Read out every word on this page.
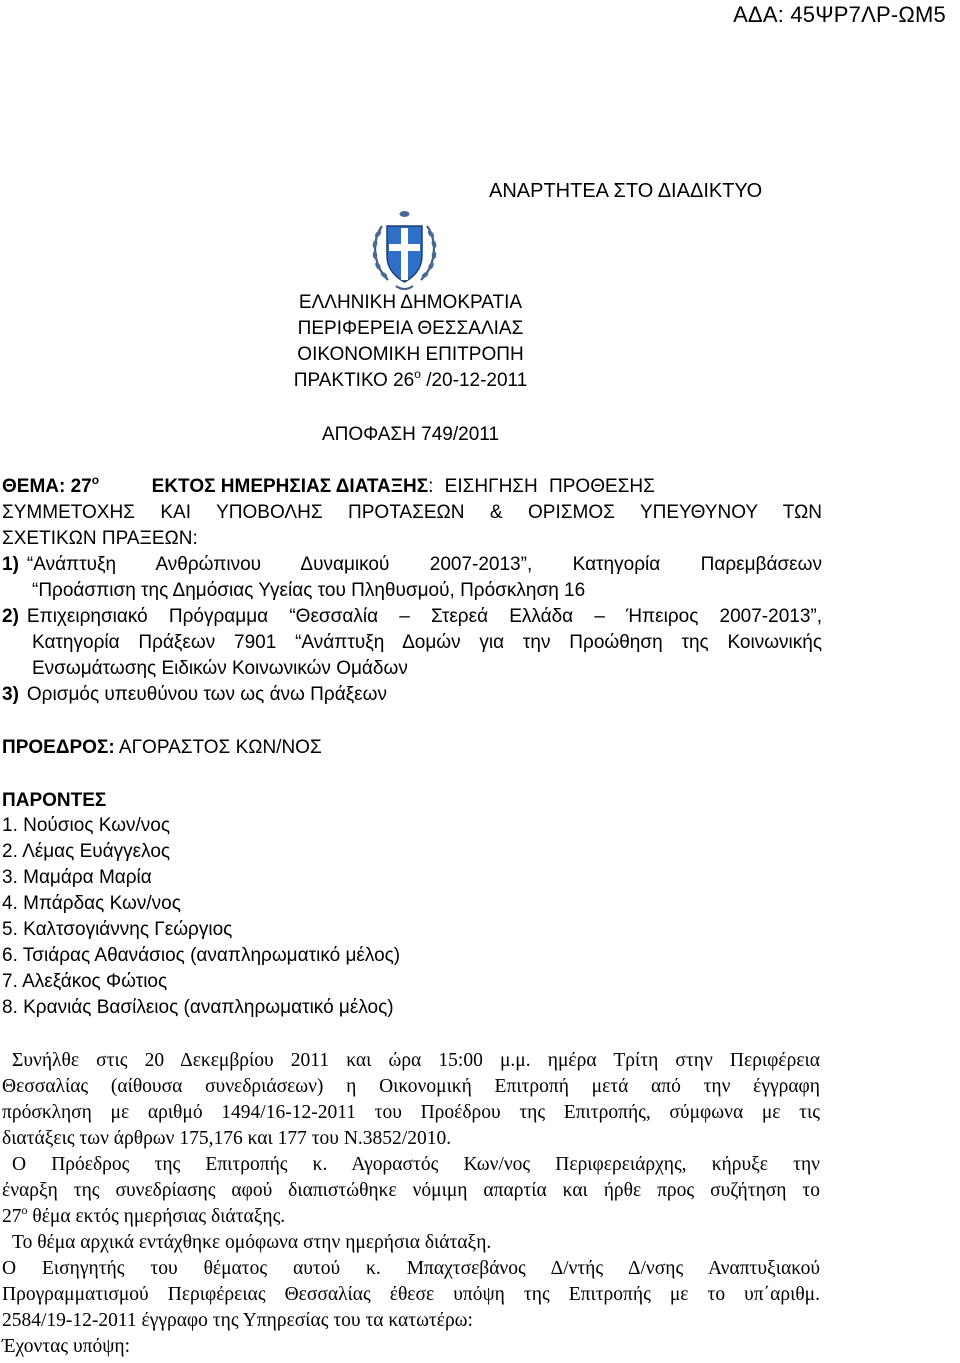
ΑΔΑ: 45ΨΡ7ΛΡ-ΩΜ5
ΑΝΑΡΤΗΤΕΑ ΣΤΟ ΔΙΑΔΙΚΤΥΟ
ΕΛΛΗΝΙΚΗ ΔΗΜΟΚΡΑΤΙΑ
ΠΕΡΙΦΕΡΕΙΑ ΘΕΣΣΑΛΙΑΣ
ΟΙΚΟΝΟΜΙΚΗ ΕΠΙΤΡΟΠΗ
ΠΡΑΚΤΙΚΟ $26^o$ /20-12-2011
ΑΠΟΦΑΣΗ 749/2011
ΘΕΜΑ: $27^o$	ΕΚΤΟΣ ΗΜΕΡΗΣΙΑΣ ΔΙΑΤΑΞΗΣ: ΕΙΣΗΓΗΣΗ ΠΡΟΘΕΣΗΣ
ΣΥΜΜΕΤΟΧΗΣ ΚΑΙ ΥΠΟΒΟΛΗΣ ΠΡΟΤΑΣΕΩΝ & ΟΡΙΣΜΟΣ ΥΠΕΥΘΥΝΟΥ ΤΩΝ
ΣΧΕΤΙΚΩΝ ΠΡΑΞΕΩΝ:
1) “Ανάπτυξη Ανθρώπινου Δυναμικού 2007-2013”, Κατηγορία Παρεμβάσεων
“Προάσπιση της Δημόσιας Υγείας του Πληθυσμού, Πρόσκληση 16
2) Επιχειρησιακό Πρόγραμμα “Θεσσαλία – Στερεά Ελλάδα – Ήπειρος 2007-2013”,
Κατηγορία Πράξεων 7901 “Ανάπτυξη Δομών για την Προώθηση της Κοινωνικής
Ενσωμάτωσης Ειδικών Κοινωνικών Ομάδων
3) Ορισμός υπευθύνου των ως άνω Πράξεων
ΠΡΟΕΔΡΟΣ: ΑΓΟΡΑΣΤΟΣ ΚΩΝ/ΝΟΣ
ΠΑΡΟΝΤΕΣ
1. Νούσιος Κων/νος
2. Λέμας Ευάγγελος
3. Μαμάρα Μαρία
4. Μπάρδας Κων/νος
5. Καλτσογιάννης Γεώργιος
6. Τσιάρας Αθανάσιος (αναπληρωματικό μέλος)
7. Αλεξάκος Φώτιος
8. Κρανιάς Βασίλειος (αναπληρωματικό μέλος)
Συνήλθε στις 20 Δεκεμβρίου 2011 και ώρα 15:00 μ.μ. ημέρα Τρίτη στην Περιφέρεια
Θεσσαλίας (αίθουσα συνεδριάσεων) η Οικονομική Επιτροπή μετά από την έγγραφη
πρόσκληση με αριθμό 1494/16-12-2011 του Προέδρου της Επιτροπής, σύμφωνα με τις
διατάξεις των άρθρων 175,176 και 177 του Ν.3852/2010.
Ο Πρόεδρος της Επιτροπής κ. Αγοραστός Κων/νος Περιφερειάρχης, κήρυξε την
έναρξη της συνεδρίασης αφού διαπιστώθηκε νόμιμη απαρτία και ήρθε προς συζήτηση το
$27^o$ θέμα εκτός ημερήσιας διάταξης.
Το θέμα αρχικά εντάχθηκε ομόφωνα στην ημερήσια διάταξη.
Ο Εισηγητής του θέματος αυτού κ. Μπαχτσεβάνος Δ/ντής Δ/νσης Αναπτυξιακού
Προγραμματισμού Περιφέρειας Θεσσαλίας έθεσε υπόψη της Επιτροπής με το υπ΄αριθμ.
2584/19-12-2011 έγγραφο της Υπηρεσίας του τα κατωτέρω:
Έχοντας υπόψη:
